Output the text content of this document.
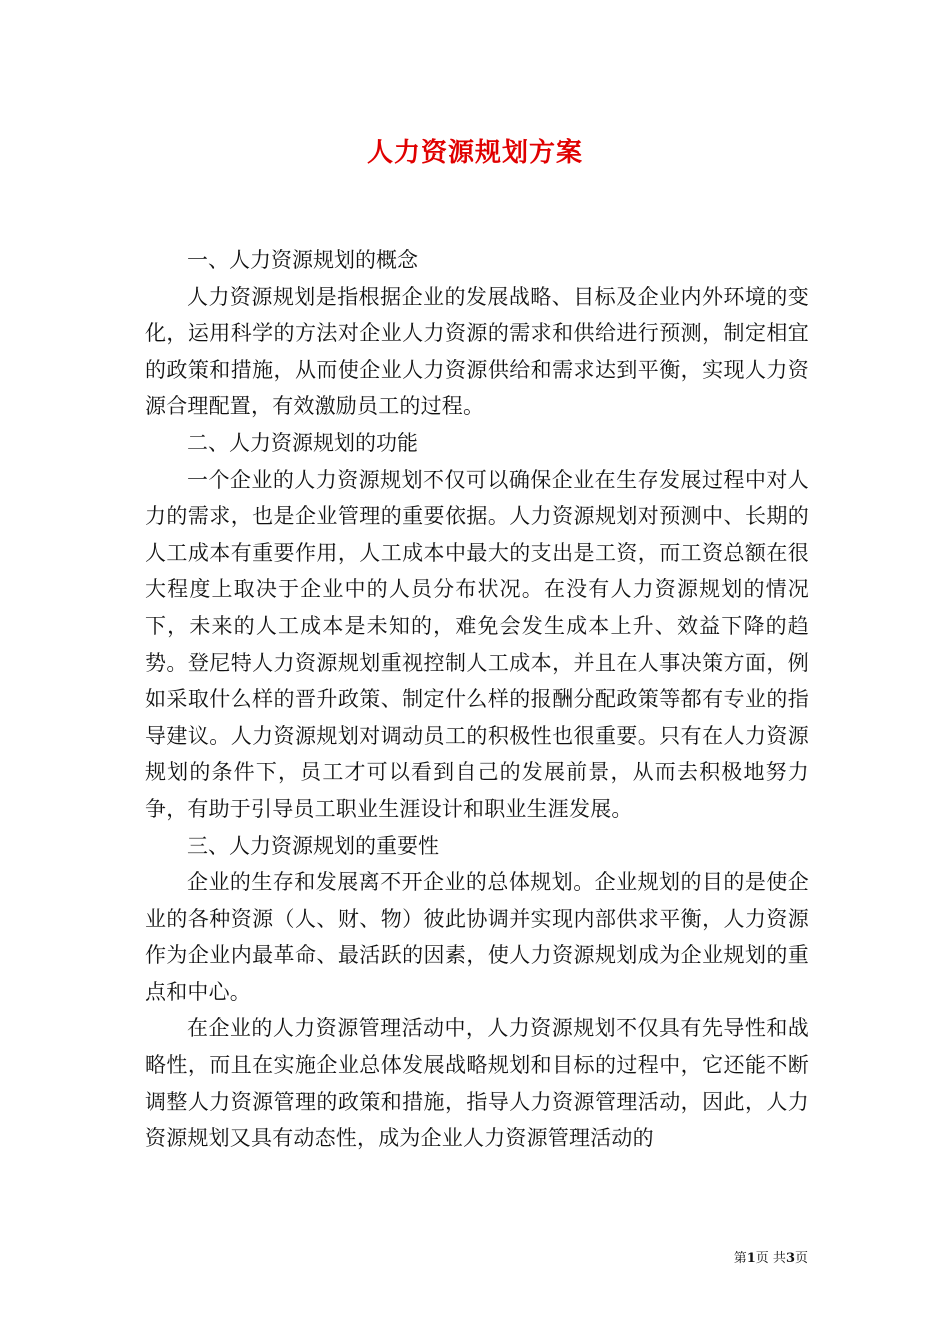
人力资源规划方案

一、人力资源规划的概念

人力资源规划是指根据企业的发展战略、目标及企业内外环境的变化，运用科学的方法对企业人力资源的需求和供给进行预测，制定相宜的政策和措施，从而使企业人力资源供给和需求达到平衡，实现人力资源合理配置，有效激励员工的过程。

二、人力资源规划的功能

一个企业的人力资源规划不仅可以确保企业在生存发展过程中对人力的需求，也是企业管理的重要依据。人力资源规划对预测中、长期的人工成本有重要作用，人工成本中最大的支出是工资，而工资总额在很大程度上取决于企业中的人员分布状况。在没有人力资源规划的情况下，未来的人工成本是未知的，难免会发生成本上升、效益下降的趋势。登尼特人力资源规划重视控制人工成本，并且在人事决策方面，例如采取什么样的晋升政策、制定什么样的报酬分配政策等都有专业的指导建议。人力资源规划对调动员工的积极性也很重要。只有在人力资源规划的条件下，员工才可以看到自己的发展前景，从而去积极地努力争，有助于引导员工职业生涯设计和职业生涯发展。

三、人力资源规划的重要性

企业的生存和发展离不开企业的总体规划。企业规划的目的是使企业的各种资源（人、财、物）彼此协调并实现内部供求平衡，人力资源作为企业内最革命、最活跃的因素，使人力资源规划成为企业规划的重点和中心。

在企业的人力资源管理活动中，人力资源规划不仅具有先导性和战略性，而且在实施企业总体发展战略规划和目标的过程中，它还能不断调整人力资源管理的政策和措施，指导人力资源管理活动，因此，人力资源规划又具有动态性，成为企业人力资源管理活动的

第1页 共3页
